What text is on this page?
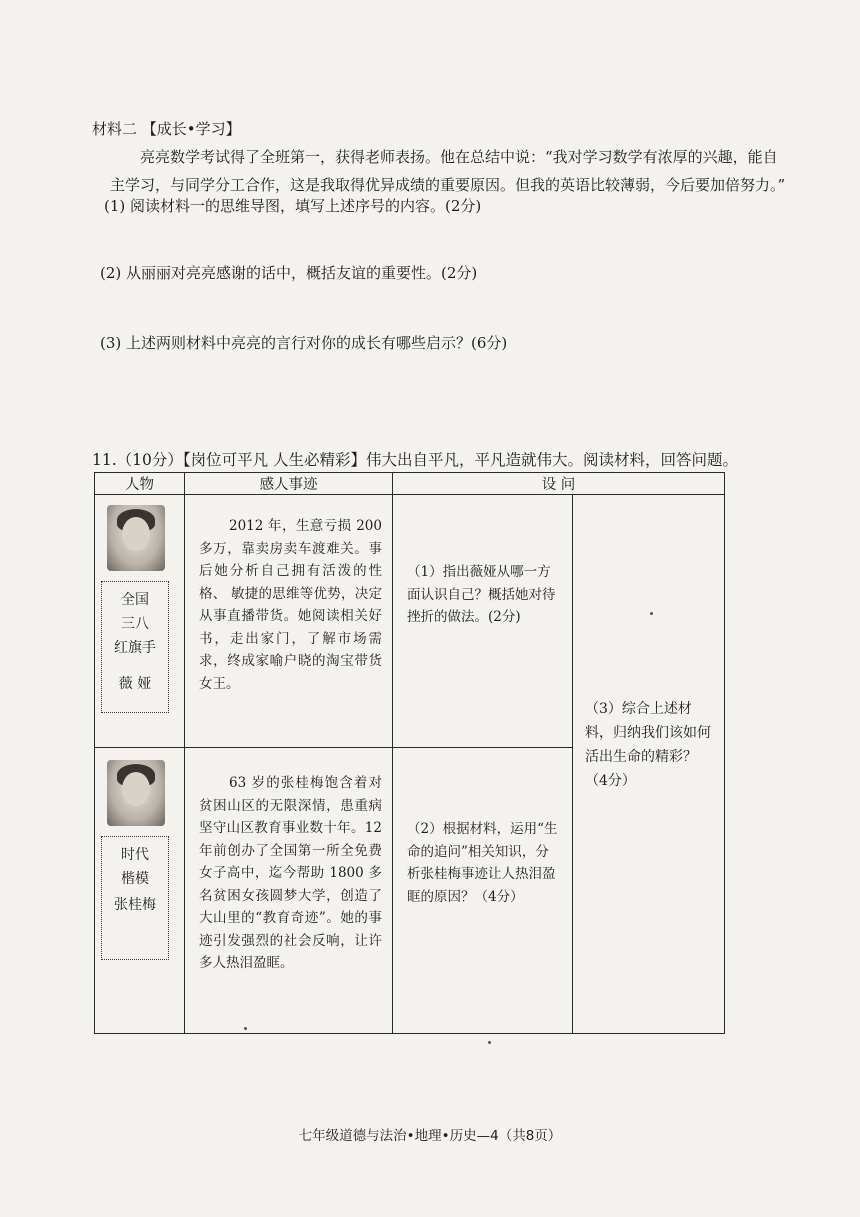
材料二 【成长•学习】
亮亮数学考试得了全班第一，获得老师表扬。他在总结中说：“我对学习数学有浓厚的兴趣，能自
主学习，与同学分工合作，这是我取得优异成绩的重要原因。但我的英语比较薄弱，今后要加倍努力。”
(1) 阅读材料一的思维导图，填写上述序号的内容。(2分)
(2) 从丽丽对亮亮感谢的话中，概括友谊的重要性。(2分)
(3) 上述两则材料中亮亮的言行对你的成长有哪些启示？(6分)
11.（10分）【岗位可平凡 人生必精彩】伟大出自平凡，平凡造就伟大。阅读材料，回答问题。
人物	感人事迹	设 问	

全国
三八
红旗手
薇 娅	2012 年，生意亏损 200 多万，靠卖房卖车渡难关。事后她分析自己拥有活泼的性格、 敏捷的思维等优势，决定从事直播带货。她阅读相关好书，走出家门，了解市场需求，终成家喻户晓的淘宝带货女王。	（1）指出薇娅从哪一方面认识自己？概括她对待挫折的做法。(2分)	（3）综合上述材料，归纳我们该如何活出生命的精彩？（4分）

时代
楷模
张桂梅	63 岁的张桂梅饱含着对贫困山区的无限深情，患重病坚守山区教育事业数十年。12年前创办了全国第一所全免费女子高中，迄今帮助 1800 多名贫困女孩圆梦大学，创造了大山里的“教育奇迹”。她的事迹引发强烈的社会反响，让许多人热泪盈眶。	（2）根据材料，运用“生命的追问”相关知识，分析张桂梅事迹让人热泪盈眶的原因？（4分）	
七年级道德与法治•地理•历史—4（共8页）
